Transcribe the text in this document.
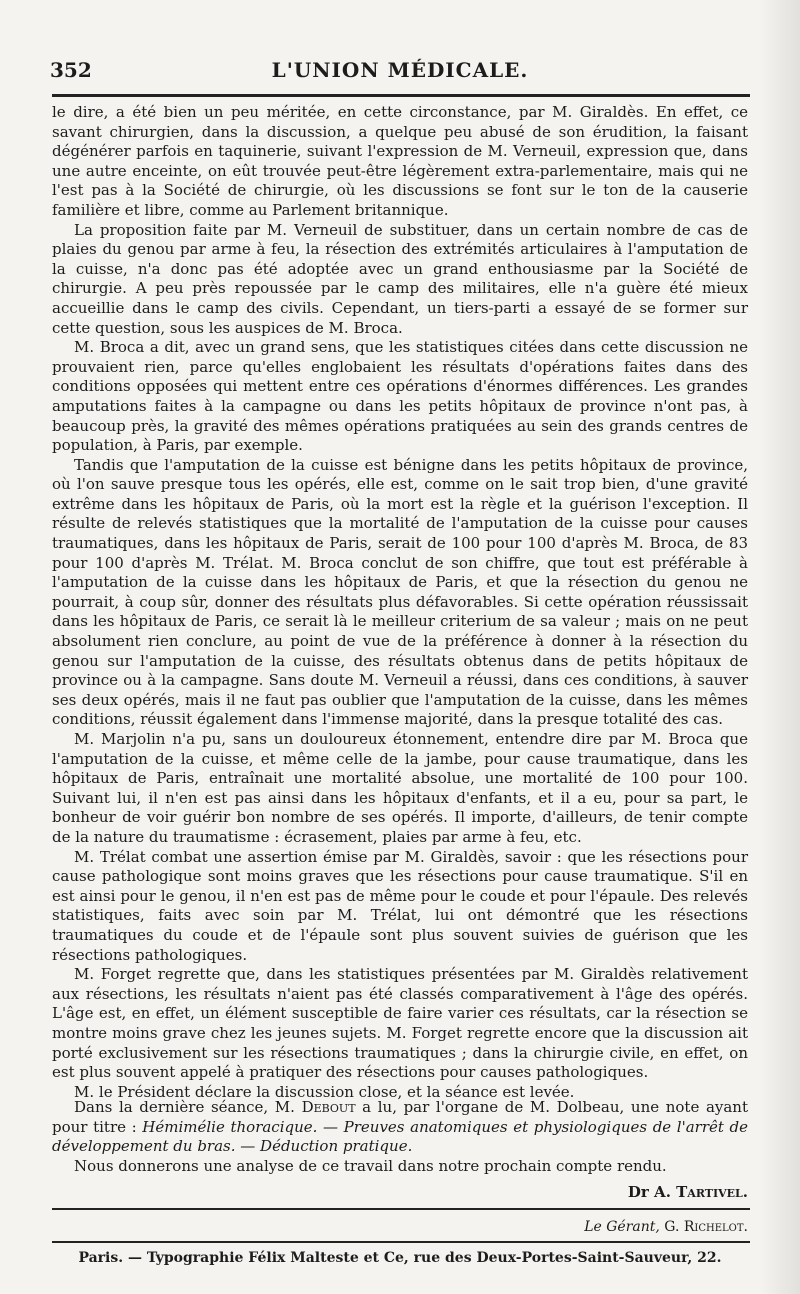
352	L'UNION MÉDICALE.

le dire, a été bien un peu méritée, en cette circonstance, par M. Giraldès. En effet, ce savant chirurgien, dans la discussion, a quelque peu abusé de son érudition, la faisant dégénérer parfois en taquinerie, suivant l'expression de M. Verneuil, expression que, dans une autre enceinte, on eût trouvée peut-être légèrement extra-parlementaire, mais qui ne l'est pas à la Société de chirurgie, où les discussions se font sur le ton de la causerie familière et libre, comme au Parlement britannique.

La proposition faite par M. Verneuil de substituer, dans un certain nombre de cas de plaies du genou par arme à feu, la résection des extrémités articulaires à l'amputation de la cuisse, n'a donc pas été adoptée avec un grand enthousiasme par la Société de chirurgie. A peu près repoussée par le camp des militaires, elle n'a guère été mieux accueillie dans le camp des civils. Cependant, un tiers-parti a essayé de se former sur cette question, sous les auspices de M. Broca.

M. Broca a dit, avec un grand sens, que les statistiques citées dans cette discussion ne prouvaient rien, parce qu'elles englobaient les résultats d'opérations faites dans des conditions opposées qui mettent entre ces opérations d'énormes différences. Les grandes amputations faites à la campagne ou dans les petits hôpitaux de province n'ont pas, à beaucoup près, la gravité des mêmes opérations pratiquées au sein des grands centres de population, à Paris, par exemple.

Tandis que l'amputation de la cuisse est bénigne dans les petits hôpitaux de province, où l'on sauve presque tous les opérés, elle est, comme on le sait trop bien, d'une gravité extrême dans les hôpitaux de Paris, où la mort est la règle et la guérison l'exception. Il résulte de relevés statistiques que la mortalité de l'amputation de la cuisse pour causes traumatiques, dans les hôpitaux de Paris, serait de 100 pour 100 d'après M. Broca, de 83 pour 100 d'après M. Trélat. M. Broca conclut de son chiffre, que tout est préférable à l'amputation de la cuisse dans les hôpitaux de Paris, et que la résection du genou ne pourrait, à coup sûr, donner des résultats plus défavorables. Si cette opération réussissait dans les hôpitaux de Paris, ce serait là le meilleur criterium de sa valeur ; mais on ne peut absolument rien conclure, au point de vue de la préférence à donner à la résection du genou sur l'amputation de la cuisse, des résultats obtenus dans de petits hôpitaux de province ou à la campagne. Sans doute M. Verneuil a réussi, dans ces conditions, à sauver ses deux opérés, mais il ne faut pas oublier que l'amputation de la cuisse, dans les mêmes conditions, réussit également dans l'immense majorité, dans la presque totalité des cas.

M. Marjolin n'a pu, sans un douloureux étonnement, entendre dire par M. Broca que l'amputation de la cuisse, et même celle de la jambe, pour cause traumatique, dans les hôpitaux de Paris, entraînait une mortalité absolue, une mortalité de 100 pour 100. Suivant lui, il n'en est pas ainsi dans les hôpitaux d'enfants, et il a eu, pour sa part, le bonheur de voir guérir bon nombre de ses opérés. Il importe, d'ailleurs, de tenir compte de la nature du traumatisme : écrasement, plaies par arme à feu, etc.

M. Trélat combat une assertion émise par M. Giraldès, savoir : que les résections pour cause pathologique sont moins graves que les résections pour cause traumatique. S'il en est ainsi pour le genou, il n'en est pas de même pour le coude et pour l'épaule. Des relevés statistiques, faits avec soin par M. Trélat, lui ont démontré que les résections traumatiques du coude et de l'épaule sont plus souvent suivies de guérison que les résections pathologiques.

M. Forget regrette que, dans les statistiques présentées par M. Giraldès relativement aux résections, les résultats n'aient pas été classés comparativement à l'âge des opérés. L'âge est, en effet, un élément susceptible de faire varier ces résultats, car la résection se montre moins grave chez les jeunes sujets. M. Forget regrette encore que la discussion ait porté exclusivement sur les résections traumatiques ; dans la chirurgie civile, en effet, on est plus souvent appelé à pratiquer des résections pour causes pathologiques.

M. le Président déclare la discussion close, et la séance est levée.

Dans la dernière séance, M. Debout a lu, par l'organe de M. Dolbeau, une note ayant pour titre : Hémimélie thoracique. — Preuves anatomiques et physiologiques de l'arrêt de développement du bras. — Déduction pratique.

Nous donnerons une analyse de ce travail dans notre prochain compte rendu.

Dr A. Tartivel.
Le Gérant, G. Richelot.
Paris. — Typographie Félix Malteste et Ce, rue des Deux-Portes-Saint-Sauveur, 22.
